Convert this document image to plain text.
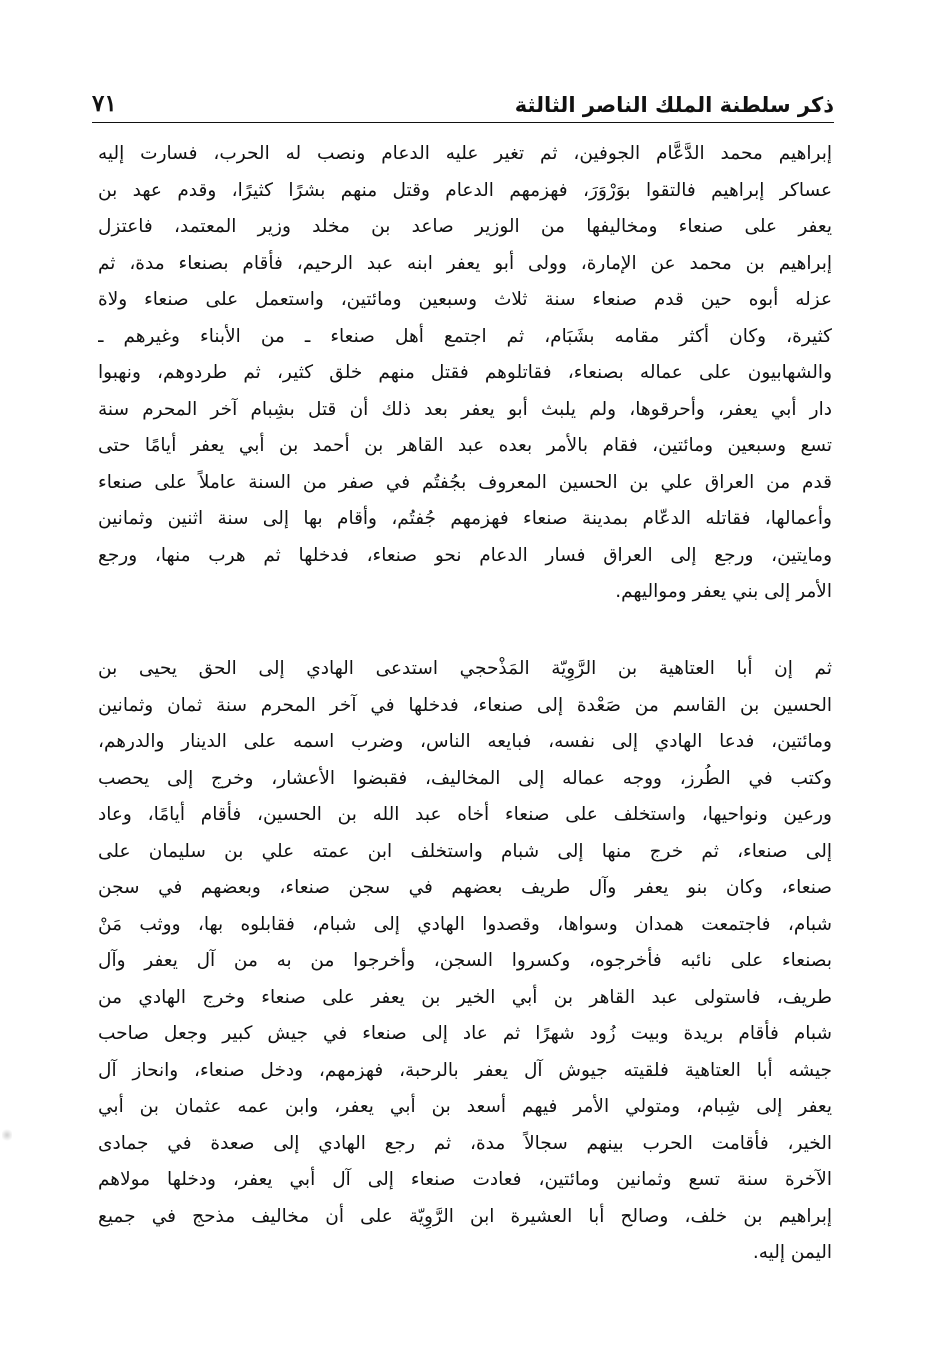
٧١	ذكر سلطنة الملك الناصر الثالثة
إبراهيم محمد الدَّعَّام الجوفين، ثم تغير عليه الدعام ونصب له الحرب، فسارت إليه
عساكر إبراهيم فالتقوا بوَرْوَرَ، فهزمهم الدعام وقتل منهم بشرًا كثيرًا، وقدم عهد بن
يعفر على صنعاء ومخاليفها من الوزير صاعد بن مخلد وزير المعتمد، فاعتزل
إبراهيم بن محمد عن الإمارة، وولى أبو يعفر ابنه عبد الرحيم، فأقام بصنعاء مدة، ثم
عزله أبوه حين قدم صنعاء سنة ثلاث وسبعين ومائتين، واستعمل على صنعاء ولاة
كثيرة، وكان أكثر مقامه بشَبَام، ثم اجتمع أهل صنعاء ـ من الأبناء وغيرهم ـ
والشهابيون على عماله بصنعاء، فقاتلوهم فقتل منهم خلق كثير، ثم طردوهم، ونهبوا
دار أبي يعفر، وأحرقوها، ولم يلبث أبو يعفر بعد ذلك أن قتل بشِبام آخر المحرم سنة
تسع وسبعين ومائتين، فقام بالأمر بعده عبد القاهر بن أحمد بن أبي يعفر أيامًا حتى
قدم من العراق علي بن الحسين المعروف بجُفتُم في صفر من السنة عاملاً على صنعاء
وأعمالها، فقاتله الدعّام بمدينة صنعاء فهزمهم جُفتُم، وأقام بها إلى سنة اثنين وثمانين
ومايتين، ورجع إلى العراق فسار الدعام نحو صنعاء، فدخلها ثم هرب منها، ورجع
الأمر إلى بني يعفر ومواليهم.
ثم إن أبا العتاهية بن الرَّوِيّة المَذْحجي استدعى الهادي إلى الحق يحيى بن
الحسين بن القاسم من صَعْدة إلى صنعاء، فدخلها في آخر المحرم سنة ثمان وثمانين
ومائتين، فدعا الهادي إلى نفسه، فبايعه الناس، وضرب اسمه على الدينار والدرهم،
وكتب في الطُرز، ووجه عماله إلى المخاليف، فقبضوا الأعشار، وخرج إلى يحصب
ورعين ونواحيها، واستخلف على صنعاء أخاه عبد الله بن الحسين، فأقام أيامًا، وعاد
إلى صنعاء، ثم خرج منها إلى شبام واستخلف ابن عمته علي بن سليمان على
صنعاء، وكان بنو يعفر وآل طريف بعضهم في سجن صنعاء، وبعضهم في سجن
شبام، فاجتمعت همدان وسواها، وقصدوا الهادي إلى شبام، فقابلوه بها، ووثب مَنْ
بصنعاء على نائبه فأخرجوه، وكسروا السجن، وأخرجوا من به من آل يعفر وآل
طريف، فاستولى عبد القاهر بن أبي الخير بن يعفر على صنعاء وخرج الهادي من
شبام فأقام بريدة وبيت زُود شهرًا ثم عاد إلى صنعاء في جيش كبير وجعل صاحب
جيشه أبا العتاهية فلقيته جيوش آل يعفر بالرحبة، فهزمهم، ودخل صنعاء، وانحاز آل
يعفر إلى شِبام، ومتولي الأمر فيهم أسعد بن أبي يعفر، وابن عمه عثمان بن أبي
الخير، فأقامت الحرب بينهم سجالاً مدة، ثم رجع الهادي إلى صعدة في جمادى
الآخرة سنة تسع وثمانين ومائتين، فعادت صنعاء إلى آل أبي يعفر، ودخلها مولاهم
إبراهيم بن خلف، وصالح أبا العشيرة ابن الرَّوِيّة على أن مخاليف مذحج في جميع
اليمن إليه.
